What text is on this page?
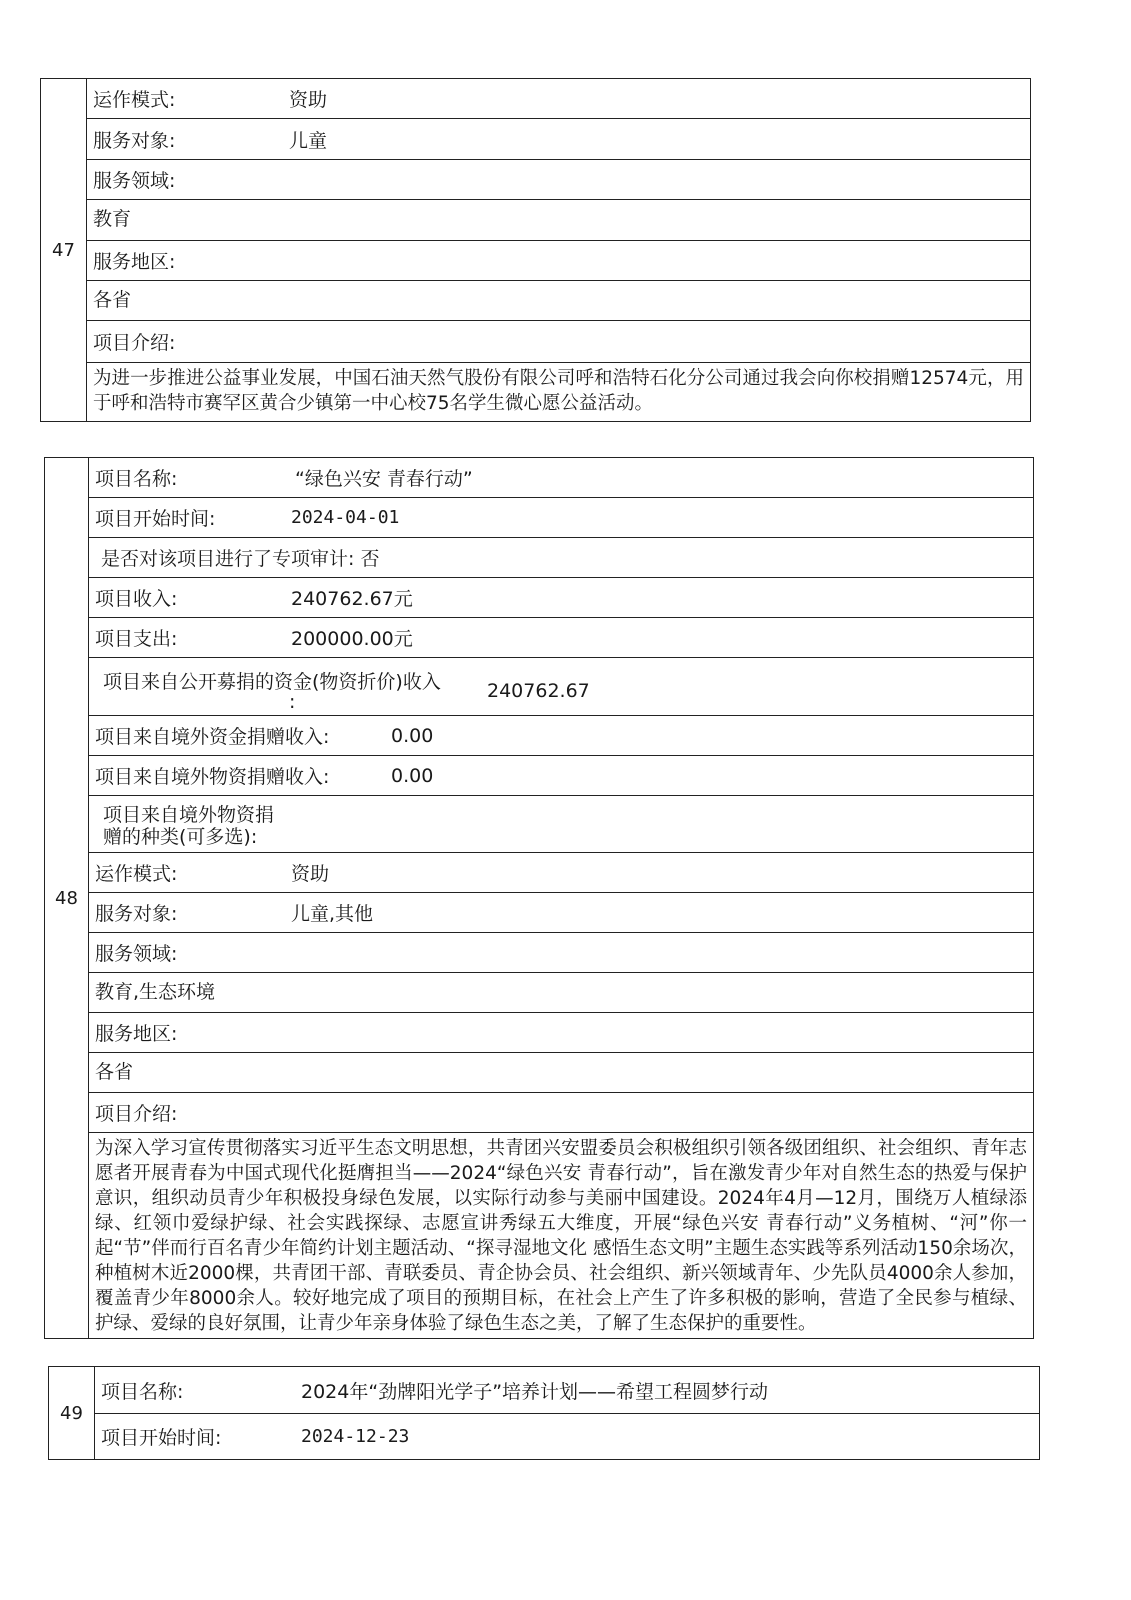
47
运作模式:	资助
服务对象:	儿童
服务领域:
教育
服务地区:
各省
项目介绍:
为进一步推进公益事业发展，中国石油天然气股份有限公司呼和浩特石化分公司通过我会向你校捐赠12574元，用于呼和浩特市赛罕区黄合少镇第一中心校75名学生微心愿公益活动。
48
项目名称:	“绿色兴安 青春行动”
项目开始时间:	2024-04-01
是否对该项目进行了专项审计: 否
项目收入:	240762.67元
项目支出:	200000.00元
项目来自公开募捐的资金(物资折价)收入
:	240762.67
项目来自境外资金捐赠收入:	0.00
项目来自境外物资捐赠收入:	0.00
项目来自境外物资捐
赠的种类(可多选):
运作模式:	资助
服务对象:	儿童,其他
服务领域:
教育,生态环境
服务地区:
各省
项目介绍:
为深入学习宣传贯彻落实习近平生态文明思想，共青团兴安盟委员会积极组织引领各级团组织、社会组织、青年志愿者开展青春为中国式现代化挺膺担当——2024“绿色兴安 青春行动”，旨在激发青少年对自然生态的热爱与保护意识，组织动员青少年积极投身绿色发展，以实际行动参与美丽中国建设。2024年4月—12月，围绕万人植绿添绿、红领巾爱绿护绿、社会实践探绿、志愿宣讲秀绿五大维度，开展“绿色兴安 青春行动”义务植树、“河”你一起“节”伴而行百名青少年简约计划主题活动、“探寻湿地文化 感悟生态文明”主题生态实践等系列活动150余场次，种植树木近2000棵，共青团干部、青联委员、青企协会员、社会组织、新兴领域青年、少先队员4000余人参加，覆盖青少年8000余人。较好地完成了项目的预期目标，在社会上产生了许多积极的影响，营造了全民参与植绿、护绿、爱绿的良好氛围，让青少年亲身体验了绿色生态之美，了解了生态保护的重要性。
49
项目名称:	2024年“劲牌阳光学子”培养计划——希望工程圆梦行动
项目开始时间:	2024-12-23
